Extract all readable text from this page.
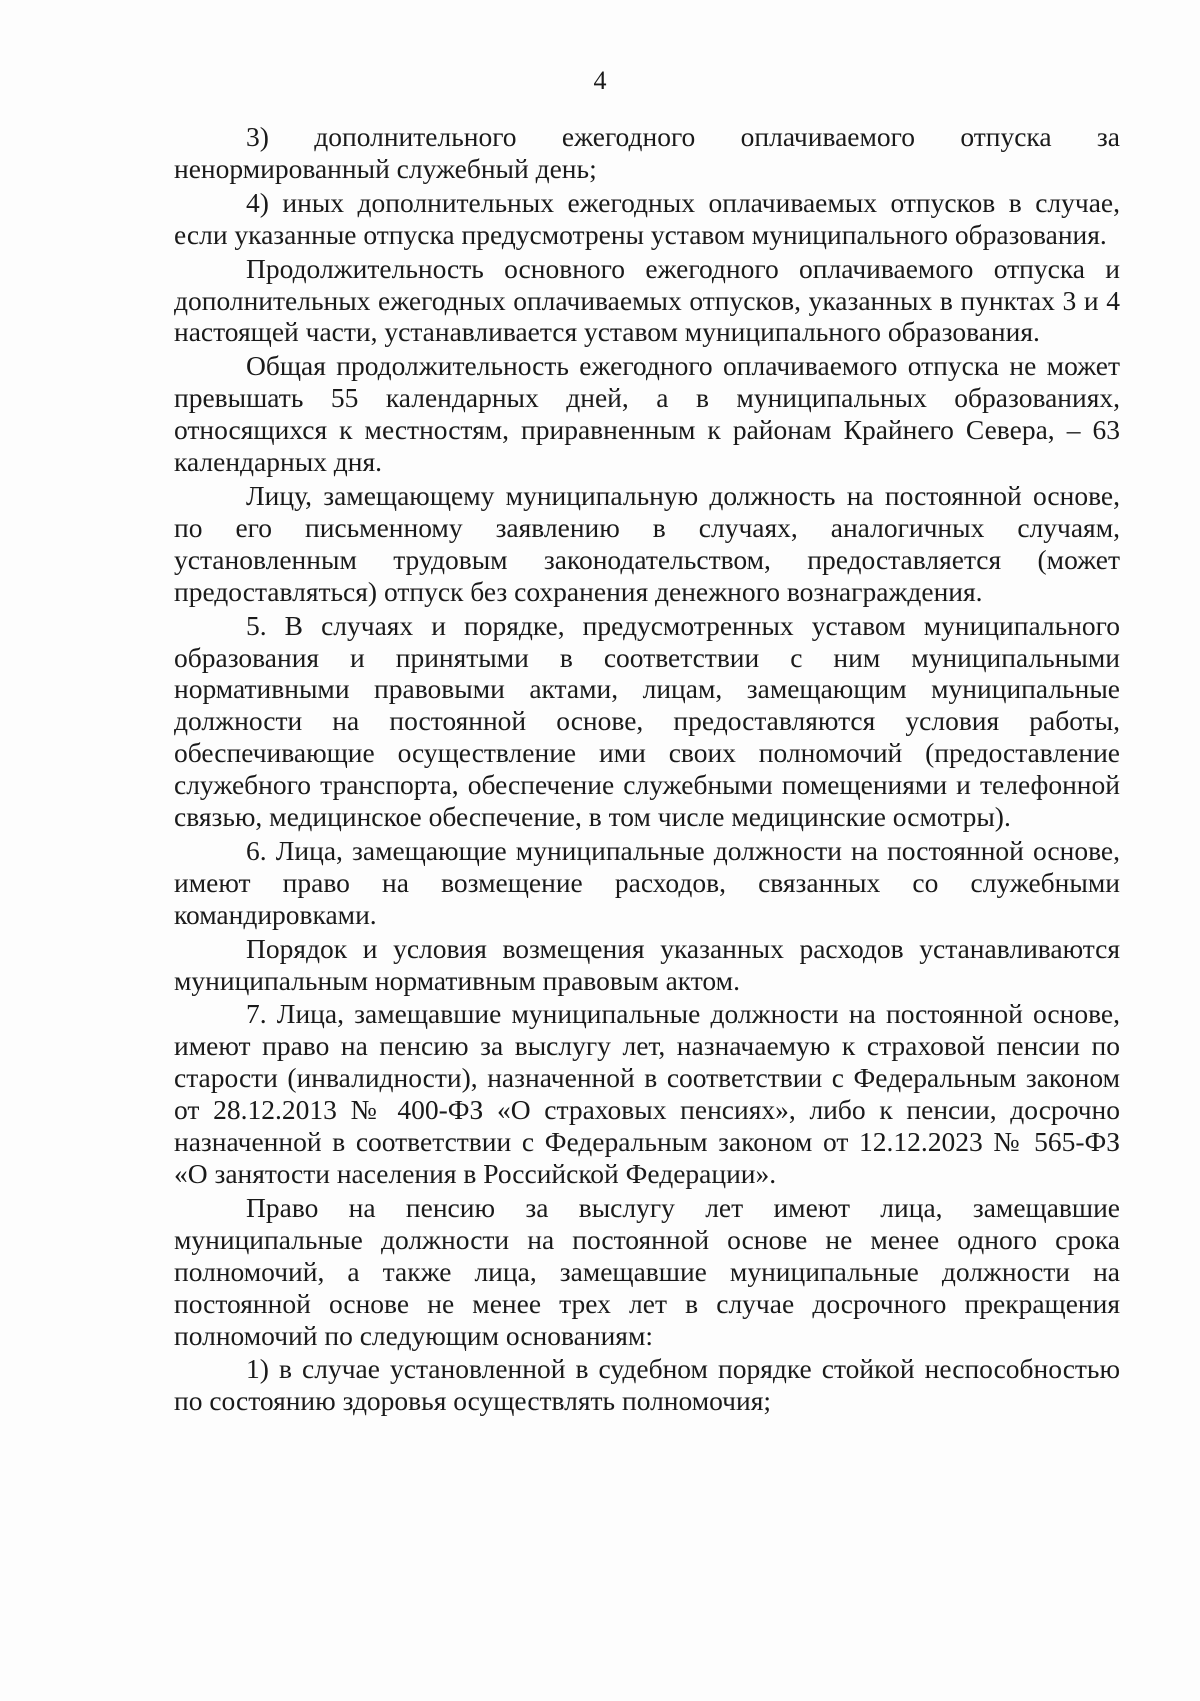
4

3) дополнительного ежегодного оплачиваемого отпуска за ненормированный служебный день;

4) иных дополнительных ежегодных оплачиваемых отпусков в случае, если указанные отпуска предусмотрены уставом муниципального образования.

Продолжительность основного ежегодного оплачиваемого отпуска и дополнительных ежегодных оплачиваемых отпусков, указанных в пунктах 3 и 4 настоящей части, устанавливается уставом муниципального образования.

Общая продолжительность ежегодного оплачиваемого отпуска не может превышать 55 календарных дней, а в муниципальных образованиях, относящихся к местностям, приравненным к районам Крайнего Севера, – 63 календарных дня.

Лицу, замещающему муниципальную должность на постоянной основе, по его письменному заявлению в случаях, аналогичных случаям, установленным трудовым законодательством, предоставляется (может предоставляться) отпуск без сохранения денежного вознаграждения.

5. В случаях и порядке, предусмотренных уставом муниципального образования и принятыми в соответствии с ним муниципальными нормативными правовыми актами, лицам, замещающим муниципальные должности на постоянной основе, предоставляются условия работы, обеспечивающие осуществление ими своих полномочий (предоставление служебного транспорта, обеспечение служебными помещениями и телефонной связью, медицинское обеспечение, в том числе медицинские осмотры).

6. Лица, замещающие муниципальные должности на постоянной основе, имеют право на возмещение расходов, связанных со служебными командировками.

Порядок и условия возмещения указанных расходов устанавливаются муниципальным нормативным правовым актом.

7. Лица, замещавшие муниципальные должности на постоянной основе, имеют право на пенсию за выслугу лет, назначаемую к страховой пенсии по старости (инвалидности), назначенной в соответствии с Федеральным законом от 28.12.2013 № 400-ФЗ «О страховых пенсиях», либо к пенсии, досрочно назначенной в соответствии с Федеральным законом от 12.12.2023 № 565-ФЗ «О занятости населения в Российской Федерации».

Право на пенсию за выслугу лет имеют лица, замещавшие муниципальные должности на постоянной основе не менее одного срока полномочий, а также лица, замещавшие муниципальные должности на постоянной основе не менее трех лет в случае досрочного прекращения полномочий по следующим основаниям:

1) в случае установленной в судебном порядке стойкой неспособностью по состоянию здоровья осуществлять полномочия;
